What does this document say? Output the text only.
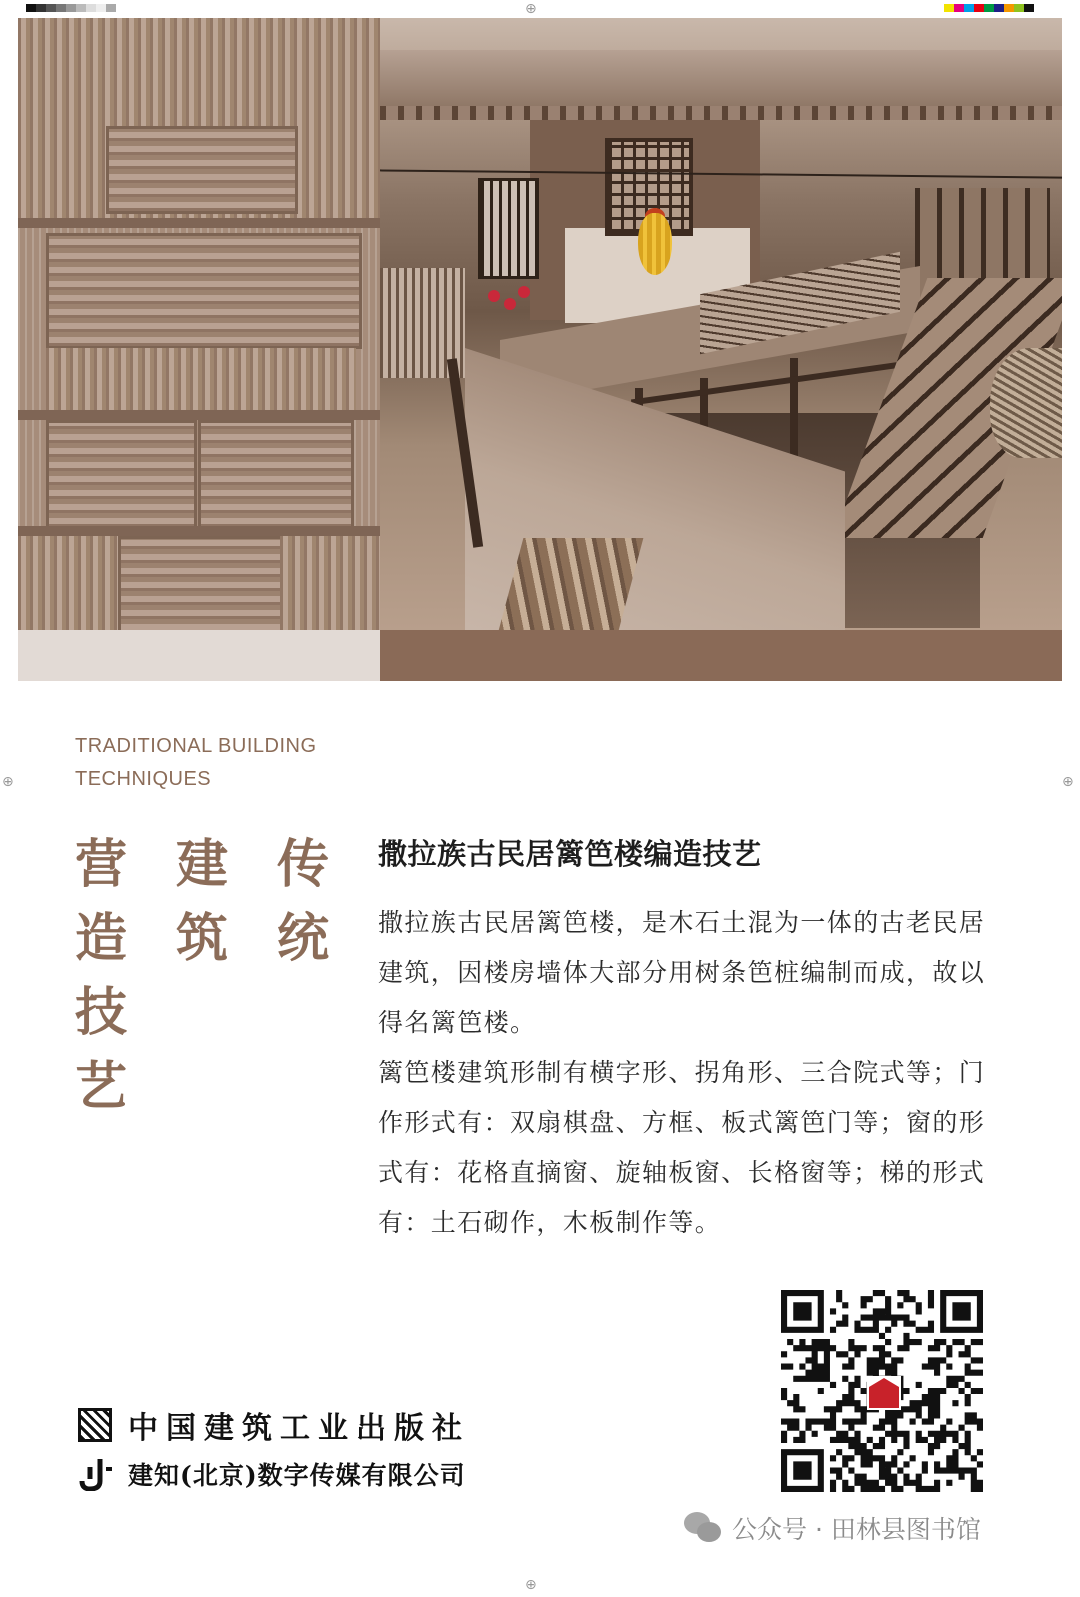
⊕
⊕	⊕
⊕
TRADITIONAL BUILDING
TECHNIQUES
传
统
建
筑
营
造
技
艺
撒拉族古民居篱笆楼编造技艺

撒拉族古民居篱笆楼，是木石土混为一体的古老民居建筑，因楼房墙体大部分用树条笆桩编制而成，故以得名篱笆楼。

篱笆楼建筑形制有横字形、拐角形、三合院式等；门作形式有：双扇棋盘、方框、板式篱笆门等；窗的形式有：花格直摘窗、旋轴板窗、长格窗等；梯的形式有：土石砌作，木板制作等。

中国建筑工业出版社
建知(北京)数字传媒有限公司
公众号 · 田林县图书馆
